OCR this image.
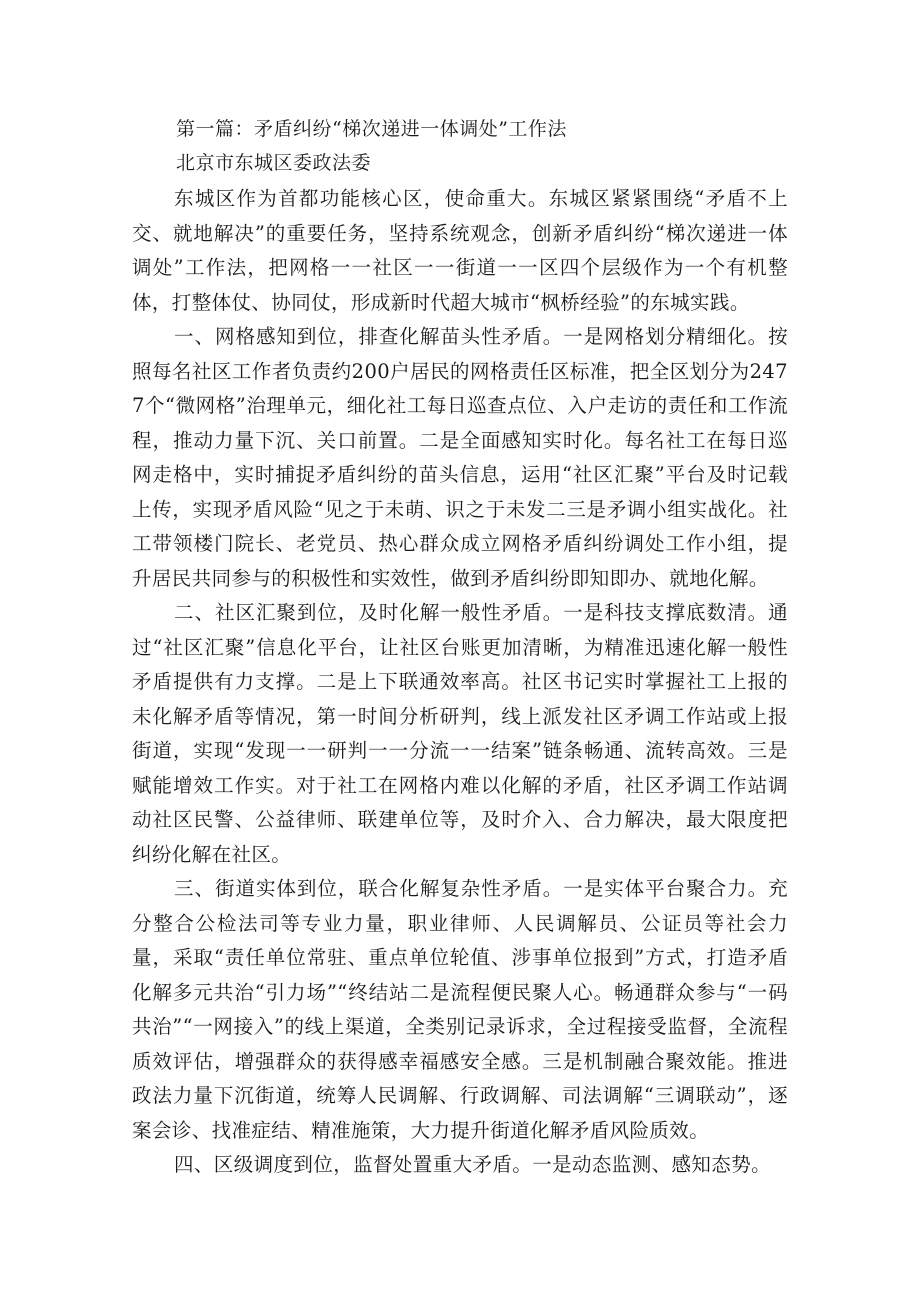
第一篇：矛盾纠纷“梯次递进一体调处”工作法

北京市东城区委政法委

东城区作为首都功能核心区，使命重大。东城区紧紧围绕“矛盾不上交、就地解决”的重要任务，坚持系统观念，创新矛盾纠纷“梯次递进一体调处”工作法，把网格一一社区一一街道一一区四个层级作为一个有机整体，打整体仗、协同仗，形成新时代超大城市“枫桥经验”的东城实践。

一、网格感知到位，排查化解苗头性矛盾。一是网格划分精细化。按照每名社区工作者负责约200户居民的网格责任区标准，把全区划分为2477个“微网格”治理单元，细化社工每日巡查点位、入户走访的责任和工作流程，推动力量下沉、关口前置。二是全面感知实时化。每名社工在每日巡网走格中，实时捕捉矛盾纠纷的苗头信息，运用“社区汇聚”平台及时记载上传，实现矛盾风险“见之于未萌、识之于未发二三是矛调小组实战化。社工带领楼门院长、老党员、热心群众成立网格矛盾纠纷调处工作小组，提升居民共同参与的积极性和实效性，做到矛盾纠纷即知即办、就地化解。

二、社区汇聚到位，及时化解一般性矛盾。一是科技支撑底数清。通过“社区汇聚”信息化平台，让社区台账更加清晰，为精准迅速化解一般性矛盾提供有力支撑。二是上下联通效率高。社区书记实时掌握社工上报的未化解矛盾等情况，第一时间分析研判，线上派发社区矛调工作站或上报街道，实现“发现一一研判一一分流一一结案”链条畅通、流转高效。三是赋能增效工作实。对于社工在网格内难以化解的矛盾，社区矛调工作站调动社区民警、公益律师、联建单位等，及时介入、合力解决，最大限度把纠纷化解在社区。

三、街道实体到位，联合化解复杂性矛盾。一是实体平台聚合力。充分整合公检法司等专业力量，职业律师、人民调解员、公证员等社会力量，采取“责任单位常驻、重点单位轮值、涉事单位报到”方式，打造矛盾化解多元共治“引力场”“终结站二是流程便民聚人心。畅通群众参与“一码共治”“一网接入”的线上渠道，全类别记录诉求，全过程接受监督，全流程质效评估，增强群众的获得感幸福感安全感。三是机制融合聚效能。推进政法力量下沉街道，统筹人民调解、行政调解、司法调解“三调联动”，逐案会诊、找准症结、精准施策，大力提升街道化解矛盾风险质效。

四、区级调度到位，监督处置重大矛盾。一是动态监测、感知态势。
